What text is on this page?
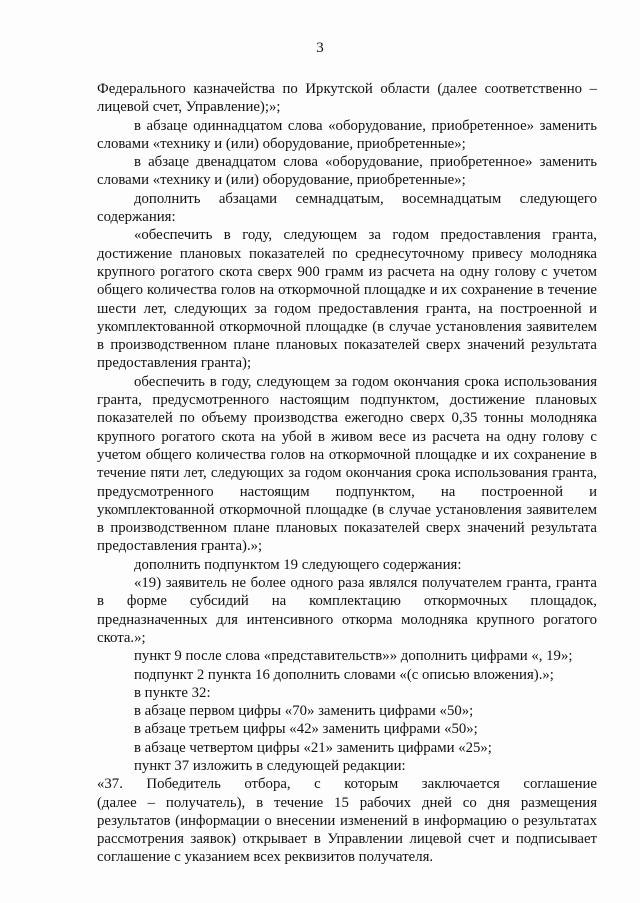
3
Федерального казначейства по Иркутской области (далее соответственно –
лицевой счет, Управление);»;
в абзаце одиннадцатом слова «оборудование, приобретенное» заменить
словами «технику и (или) оборудование, приобретенные»;
в абзаце двенадцатом слова «оборудование, приобретенное» заменить
словами «технику и (или) оборудование, приобретенные»;
дополнить абзацами семнадцатым, восемнадцатым следующего
содержания:
«обеспечить в году, следующем за годом предоставления гранта,
достижение плановых показателей по среднесуточному привесу молодняка
крупного рогатого скота сверх 900 грамм из расчета на одну голову с учетом
общего количества голов на откормочной площадке и их сохранение в течение
шести лет, следующих за годом предоставления гранта, на построенной и
укомплектованной откормочной площадке (в случае установления заявителем
в производственном плане плановых показателей сверх значений результата
предоставления гранта);
обеспечить в году, следующем за годом окончания срока использования
гранта, предусмотренного настоящим подпунктом, достижение плановых
показателей по объему производства ежегодно сверх 0,35 тонны молодняка
крупного рогатого скота на убой в живом весе из расчета на одну голову с
учетом общего количества голов на откормочной площадке и их сохранение в
течение пяти лет, следующих за годом окончания срока использования гранта,
предусмотренного настоящим подпунктом, на построенной и
укомплектованной откормочной площадке (в случае установления заявителем
в производственном плане плановых показателей сверх значений результата
предоставления гранта).»;
дополнить подпунктом 19 следующего содержания:
«19) заявитель не более одного раза являлся получателем гранта, гранта
в форме субсидий на комплектацию откормочных площадок,
предназначенных для интенсивного откорма молодняка крупного рогатого
скота.»;
пункт 9 после слова «представительств»» дополнить цифрами «, 19»;
подпункт 2 пункта 16 дополнить словами «(с описью вложения).»;
в пункте 32:
в абзаце первом цифры «70» заменить цифрами «50»;
в абзаце третьем цифры «42» заменить цифрами «50»;
в абзаце четвертом цифры «21» заменить цифрами «25»;
пункт 37 изложить в следующей редакции:
«37. Победитель отбора, с которым заключается соглашение
(далее – получатель), в течение 15 рабочих дней со дня размещения
результатов (информации о внесении изменений в информацию о результатах
рассмотрения заявок) открывает в Управлении лицевой счет и подписывает
соглашение с указанием всех реквизитов получателя.
